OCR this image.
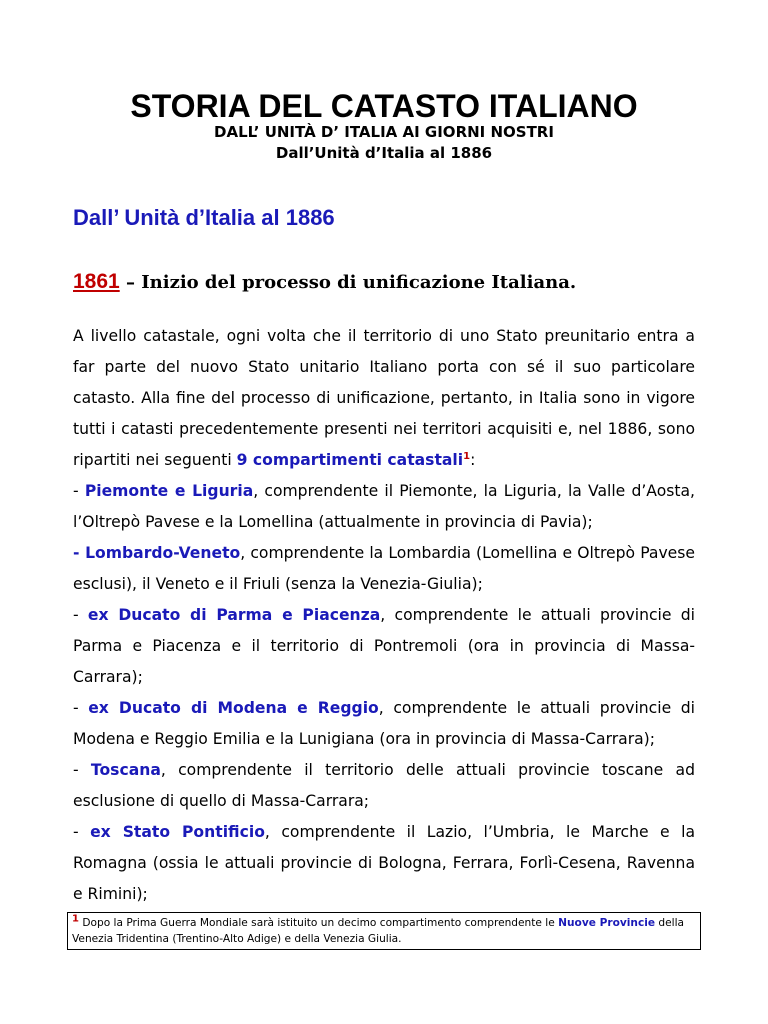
STORIA DEL CATASTO ITALIANO
DALL’ UNITÀ D’ ITALIA AI GIORNI NOSTRI
Dall’Unità d’Italia al 1886
Dall’ Unità d’Italia al 1886
1861 – Inizio del processo di unificazione Italiana.

A livello catastale, ogni volta che il territorio di uno Stato preunitario entra a far parte del nuovo Stato unitario Italiano porta con sé il suo particolare catasto. Alla fine del processo di unificazione, pertanto, in Italia sono in vigore tutti i catasti precedentemente presenti nei territori acquisiti e, nel 1886, sono ripartiti nei seguenti 9 compartimenti catastali$^1$:

- Piemonte e Liguria, comprendente il Piemonte, la Liguria, la Valle d’Aosta, l’Oltrepò Pavese e la Lomellina (attualmente in provincia di Pavia);

- Lombardo-Veneto, comprendente la Lombardia (Lomellina e Oltrepò Pavese esclusi), il Veneto e il Friuli (senza la Venezia-Giulia);

- ex Ducato di Parma e Piacenza, comprendente le attuali provincie di Parma e Piacenza e il territorio di Pontremoli (ora in provincia di Massa-Carrara);

- ex Ducato di Modena e Reggio, comprendente le attuali provincie di Modena e Reggio Emilia e la Lunigiana (ora in provincia di Massa-Carrara);

- Toscana, comprendente il territorio delle attuali provincie toscane ad esclusione di quello di Massa-Carrara;

- ex Stato Pontificio, comprendente il Lazio, l’Umbria, le Marche e la Romagna (ossia le attuali provincie di Bologna, Ferrara, Forlì-Cesena, Ravenna e Rimini);

1 Dopo la Prima Guerra Mondiale sarà istituito un decimo compartimento comprendente le Nuove Provincie della Venezia Tridentina (Trentino-Alto Adige) e della Venezia Giulia.
